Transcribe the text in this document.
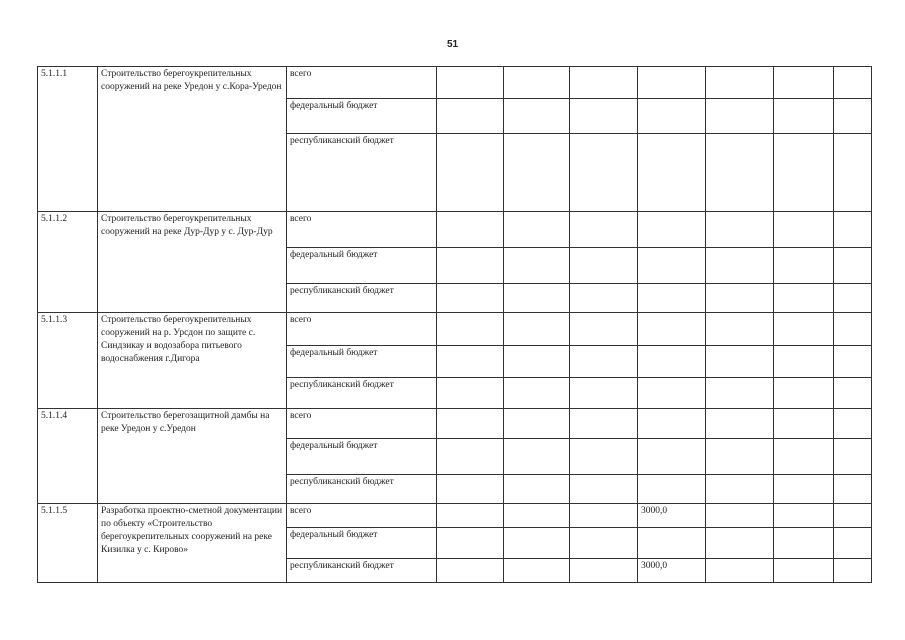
51
5.1.1.1	Строительство берегоукрепительных сооружений на реке Уредон у с.Кора-Уредон	всего							
		федеральный бюджет							
		республиканский бюджет							
5.1.1.2	Строительство берегоукрепительных сооружений на реке Дур-Дур у с. Дур-Дур	всего							
		федеральный бюджет							
		республиканский бюджет							
5.1.1.3	Строительство берегоукрепительных сооружений на р. Урсдон по защите с. Синдзикау и водозабора питьевого водоснабжения г.Дигора	всего							
		федеральный бюджет							
		республиканский бюджет							
5.1.1.4	Строительство берегозащитной дамбы на реке Уредон у с.Уредон	всего							
		федеральный бюджет							
		республиканский бюджет							
5.1.1.5	Разработка проектно-сметной документации по объекту «Строительство берегоукрепительных сооружений на реке Кизилка у с. Кирово»	всего				3000,0			
		федеральный бюджет							
		республиканский бюджет				3000,0			
